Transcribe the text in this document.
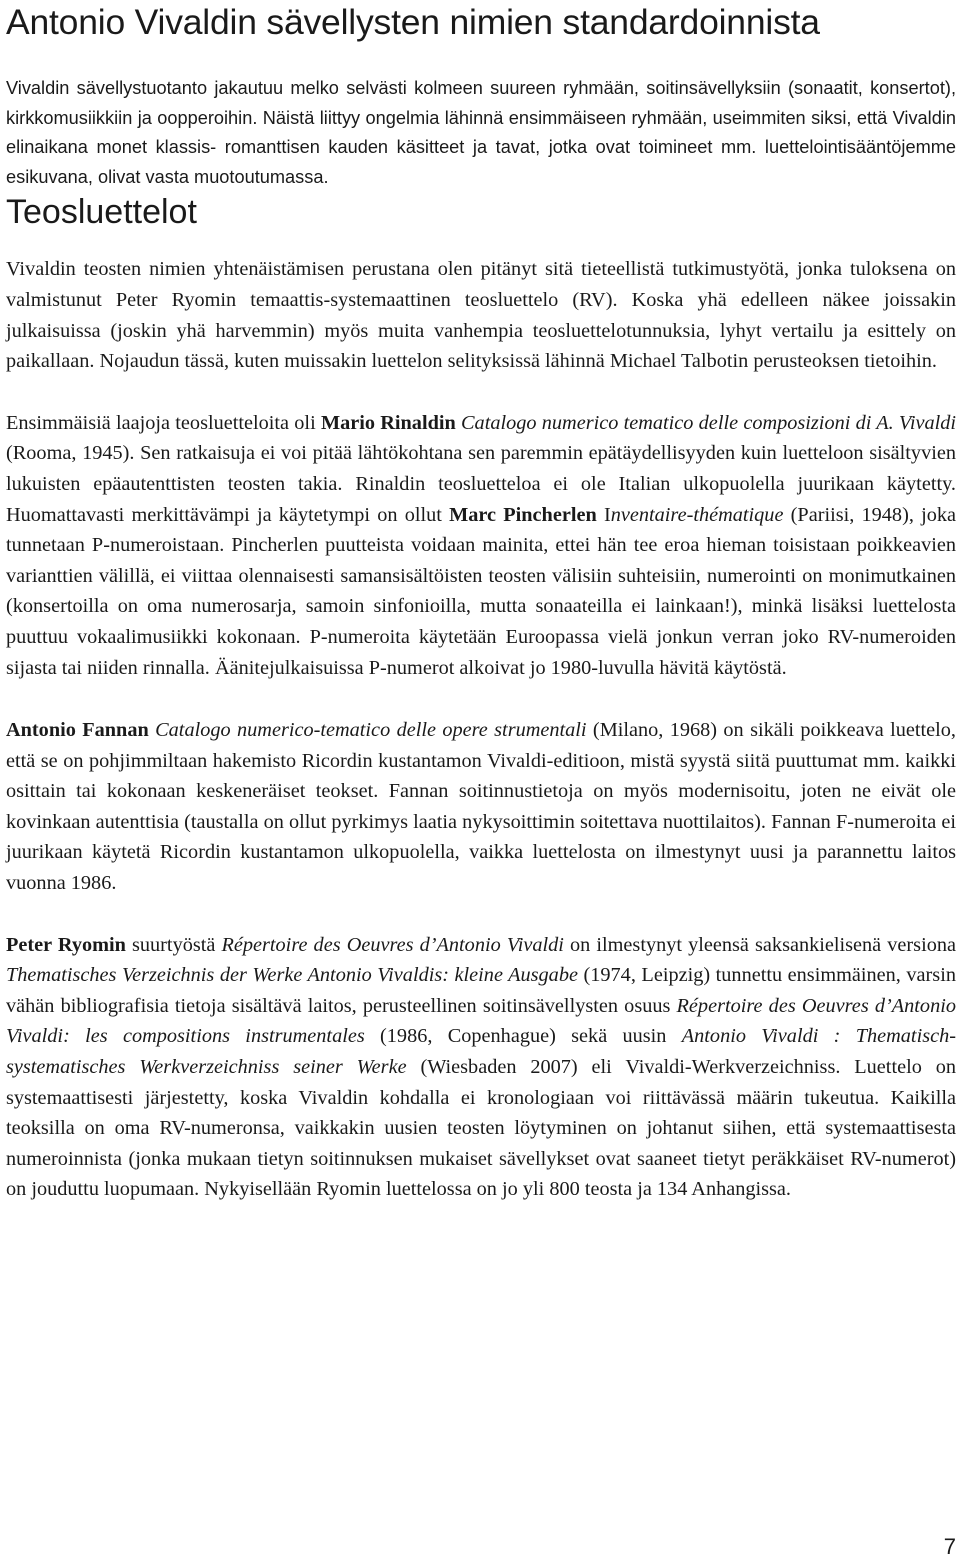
Antonio Vivaldin sävellysten nimien standardoinnista

Vivaldin sävellystuotanto jakautuu melko selvästi kolmeen suureen ryhmään, soitinsävellyksiin (sonaatit, konsertot), kirkkomusiikkiin ja oopperoihin. Näistä liittyy ongelmia lähinnä ensimmäiseen ryhmään, useimmiten siksi, että Vivaldin elinaikana monet klassis- romanttisen kauden käsitteet ja tavat, jotka ovat toimineet mm. luettelointisääntöjemme esikuvana, olivat vasta muotoutumassa.

Teosluettelot

Vivaldin teosten nimien yhtenäistämisen perustana olen pitänyt sitä tieteellistä tutkimustyötä, jonka tuloksena on valmistunut Peter Ryomin temaattis-systemaattinen teosluettelo (RV). Koska yhä edelleen näkee joissakin julkaisuissa (joskin yhä harvemmin) myös muita vanhempia teosluettelotunnuksia, lyhyt vertailu ja esittely on paikallaan. Nojaudun tässä, kuten muissakin luettelon selityksissä lähinnä Michael Talbotin perusteoksen tietoihin.

Ensimmäisiä laajoja teosluetteloita oli Mario Rinaldin Catalogo numerico tematico delle composizioni di A. Vivaldi (Rooma, 1945). Sen ratkaisuja ei voi pitää lähtökohtana sen paremmin epätäydellisyyden kuin luetteloon sisältyvien lukuisten epäautenttisten teosten takia. Rinaldin teosluetteloa ei ole Italian ulkopuolella juurikaan käytetty. Huomattavasti merkittävämpi ja käytetympi on ollut Marc Pincherlen Inventaire-thématique (Pariisi, 1948), joka tunnetaan P-numeroistaan. Pincherlen puutteista voidaan mainita, ettei hän tee eroa hieman toisistaan poikkeavien varianttien välillä, ei viittaa olennaisesti samansisältöisten teosten välisiin suhteisiin, numerointi on monimutkainen (konsertoilla on oma numerosarja, samoin sinfonioilla, mutta sonaateilla ei lainkaan!), minkä lisäksi luettelosta puuttuu vokaalimusiikki kokonaan. P-numeroita käytetään Euroopassa vielä jonkun verran joko RV-numeroiden sijasta tai niiden rinnalla. Äänitejulkaisuissa P-numerot alkoivat jo 1980-luvulla hävitä käytöstä.

Antonio Fannan Catalogo numerico-tematico delle opere strumentali (Milano, 1968) on sikäli poikkeava luettelo, että se on pohjimmiltaan hakemisto Ricordin kustantamon Vivaldi-editioon, mistä syystä siitä puuttumat mm. kaikki osittain tai kokonaan keskeneräiset teokset. Fannan soitinnustietoja on myös modernisoitu, joten ne eivät ole kovinkaan autenttisia (taustalla on ollut pyrkimys laatia nykysoittimin soitettava nuottilaitos). Fannan F-numeroita ei juurikaan käytetä Ricordin kustantamon ulkopuolella, vaikka luettelosta on ilmestynyt uusi ja parannettu laitos vuonna 1986.

Peter Ryomin suurtyöstä Répertoire des Oeuvres d’Antonio Vivaldi on ilmestynyt yleensä saksankielisenä versiona Thematisches Verzeichnis der Werke Antonio Vivaldis: kleine Ausgabe (1974, Leipzig) tunnettu ensimmäinen, varsin vähän bibliografisia tietoja sisältävä laitos, perusteellinen soitinsävellysten osuus Répertoire des Oeuvres d’Antonio Vivaldi: les compositions instrumentales (1986, Copenhague) sekä uusin Antonio Vivaldi : Thematisch-systematisches Werkverzeichniss seiner Werke (Wiesbaden 2007) eli Vivaldi-Werkverzeichniss. Luettelo on systemaattisesti järjestetty, koska Vivaldin kohdalla ei kronologiaan voi riittävässä määrin tukeutua. Kaikilla teoksilla on oma RV-numeronsa, vaikkakin uusien teosten löytyminen on johtanut siihen, että systemaattisesta numeroinnista (jonka mukaan tietyn soitinnuksen mukaiset sävellykset ovat saaneet tietyt peräkkäiset RV-numerot) on jouduttu luopumaan. Nykyisellään Ryomin luettelossa on jo yli 800 teosta ja 134 Anhangissa.

7
